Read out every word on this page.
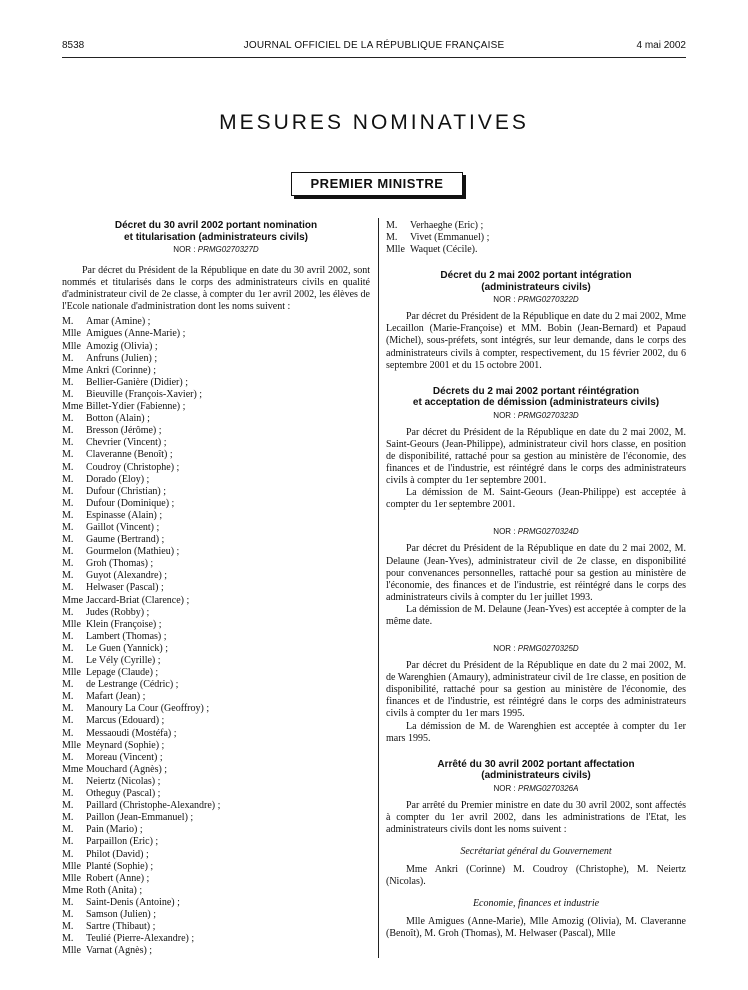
8538	JOURNAL OFFICIEL DE LA RÉPUBLIQUE FRANÇAISE	4 mai 2002
MESURES NOMINATIVES
PREMIER MINISTRE
Décret du 30 avril 2002 portant nomination
et titularisation (administrateurs civils)
NOR : PRMG0270327D

Par décret du Président de la République en date du 30 avril 2002, sont nommés et titularisés dans le corps des administrateurs civils en qualité d'administrateur civil de 2e classe, à compter du 1er avril 2002, les élèves de l'Ecole nationale d'administration dont les noms suivent :

M.	Amar (Amine) ;
Mlle Amigues (Anne-Marie) ;
Mlle Amozig (Olivia) ;
M.	Anfruns (Julien) ;
Mme Ankri (Corinne) ;
M.	Bellier-Ganière (Didier) ;
M.	Bieuville (François-Xavier) ;
Mme Billet-Ydier (Fabienne) ;
M.	Botton (Alain) ;
M.	Bresson (Jérôme) ;
M.	Chevrier (Vincent) ;
M.	Claveranne (Benoît) ;
M.	Coudroy (Christophe) ;
M.	Dorado (Eloy) ;
M.	Dufour (Christian) ;
M.	Dufour (Dominique) ;
M.	Espinasse (Alain) ;
M.	Gaillot (Vincent) ;
M.	Gaume (Bertrand) ;
M.	Gourmelon (Mathieu) ;
M.	Groh (Thomas) ;
M.	Guyot (Alexandre) ;
M.	Helwaser (Pascal) ;
Mme Jaccard-Briat (Clarence) ;
M.	Judes (Robby) ;
Mlle Klein (Françoise) ;
M.	Lambert (Thomas) ;
M.	Le Guen (Yannick) ;
M.	Le Vély (Cyrille) ;
Mlle Lepage (Claude) ;
M.	de Lestrange (Cédric) ;
M.	Mafart (Jean) ;
M.	Manoury La Cour (Geoffroy) ;
M.	Marcus (Edouard) ;
M.	Messaoudi (Mostéfa) ;
Mlle Meynard (Sophie) ;
M.	Moreau (Vincent) ;
Mme Mouchard (Agnès) ;
M.	Neiertz (Nicolas) ;
M.	Otheguy (Pascal) ;
M.	Paillard (Christophe-Alexandre) ;
M.	Paillon (Jean-Emmanuel) ;
M.	Pain (Mario) ;
M.	Parpaillon (Eric) ;
M.	Philot (David) ;
Mlle Planté (Sophie) ;
Mlle Robert (Anne) ;
Mme Roth (Anita) ;
M.	Saint-Denis (Antoine) ;
M.	Samson (Julien) ;
M.	Sartre (Thibaut) ;
M.	Teulié (Pierre-Alexandre) ;
Mlle Varnat (Agnès) ;
M.	Verhaeghe (Eric) ;
M.	Vivet (Emmanuel) ;
Mlle Waquet (Cécile).
Décret du 2 mai 2002 portant intégration
(administrateurs civils)
NOR : PRMG0270322D

Par décret du Président de la République en date du 2 mai 2002, Mme Lecaillon (Marie-Françoise) et MM. Bobin (Jean-Bernard) et Papaud (Michel), sous-préfets, sont intégrés, sur leur demande, dans le corps des administrateurs civils à compter, respectivement, du 15 février 2002, du 6 septembre 2001 et du 15 octobre 2001.

Décrets du 2 mai 2002 portant réintégration
et acceptation de démission (administrateurs civils)
NOR : PRMG0270323D

Par décret du Président de la République en date du 2 mai 2002, M. Saint-Geours (Jean-Philippe), administrateur civil hors classe, en position de disponibilité, rattaché pour sa gestion au ministère de l'économie, des finances et de l'industrie, est réintégré dans le corps des administrateurs civils à compter du 1er septembre 2001.

La démission de M. Saint-Geours (Jean-Philippe) est acceptée à compter du 1er septembre 2001.

NOR : PRMG0270324D

Par décret du Président de la République en date du 2 mai 2002, M. Delaune (Jean-Yves), administrateur civil de 2e classe, en disponibilité pour convenances personnelles, rattaché pour sa gestion au ministère de l'économie, des finances et de l'industrie, est réintégré dans le corps des administrateurs civils à compter du 1er juillet 1993.

La démission de M. Delaune (Jean-Yves) est acceptée à compter de la même date.

NOR : PRMG0270325D

Par décret du Président de la République en date du 2 mai 2002, M. de Warenghien (Amaury), administrateur civil de 1re classe, en position de disponibilité, rattaché pour sa gestion au ministère de l'économie, des finances et de l'industrie, est réintégré dans le corps des administrateurs civils à compter du 1er mars 1995.

La démission de M. de Warenghien est acceptée à compter du 1er mars 1995.

Arrêté du 30 avril 2002 portant affectation
(administrateurs civils)
NOR : PRMG0270326A

Par arrêté du Premier ministre en date du 30 avril 2002, sont affectés à compter du 1er avril 2002, dans les administrations de l'Etat, les administrateurs civils dont les noms suivent :

Secrétariat général du Gouvernement

Mme Ankri (Corinne) M. Coudroy (Christophe), M. Neiertz (Nicolas).

Economie, finances et industrie

Mlle Amigues (Anne-Marie), Mlle Amozig (Olivia), M. Claveranne (Benoît), M. Groh (Thomas), M. Helwaser (Pascal), Mlle
